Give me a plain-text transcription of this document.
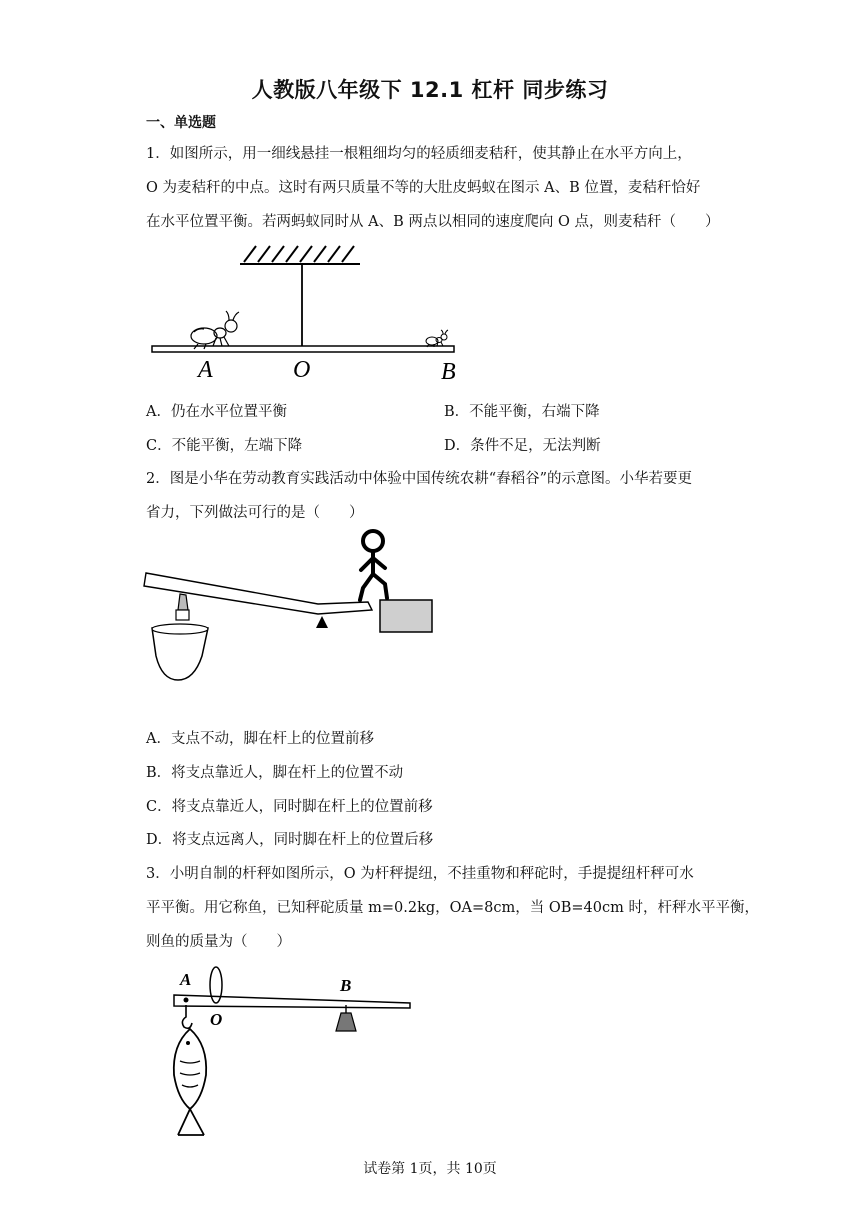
人教版八年级下 12.1 杠杆 同步练习
一、单选题
1．如图所示，用一细线悬挂一根粗细均匀的轻质细麦秸秆，使其静止在水平方向上，
O 为麦秸秆的中点。这时有两只质量不等的大肚皮蚂蚁在图示 A、B 位置，麦秸秆恰好
在水平位置平衡。若两蚂蚁同时从 A、B 两点以相同的速度爬向 O 点，则麦秸秆（　　）
A	O	B
A．仍在水平位置平衡	B．不能平衡，右端下降
C．不能平衡，左端下降	D．条件不足，无法判断
2．图是小华在劳动教育实践活动中体验中国传统农耕“舂稻谷”的示意图。小华若要更
省力，下列做法可行的是（　　）
A．支点不动，脚在杆上的位置前移
B．将支点靠近人，脚在杆上的位置不动
C．将支点靠近人，同时脚在杆上的位置前移
D．将支点远离人，同时脚在杆上的位置后移
3．小明自制的杆秤如图所示，O 为杆秤提纽，不挂重物和秤砣时，手提提纽杆秤可水
平平衡。用它称鱼，已知秤砣质量 m=0.2kg，OA=8cm，当 OB=40cm 时，杆秤水平平衡，
则鱼的质量为（　　）
A
O
B
试卷第 1页，共 10页
